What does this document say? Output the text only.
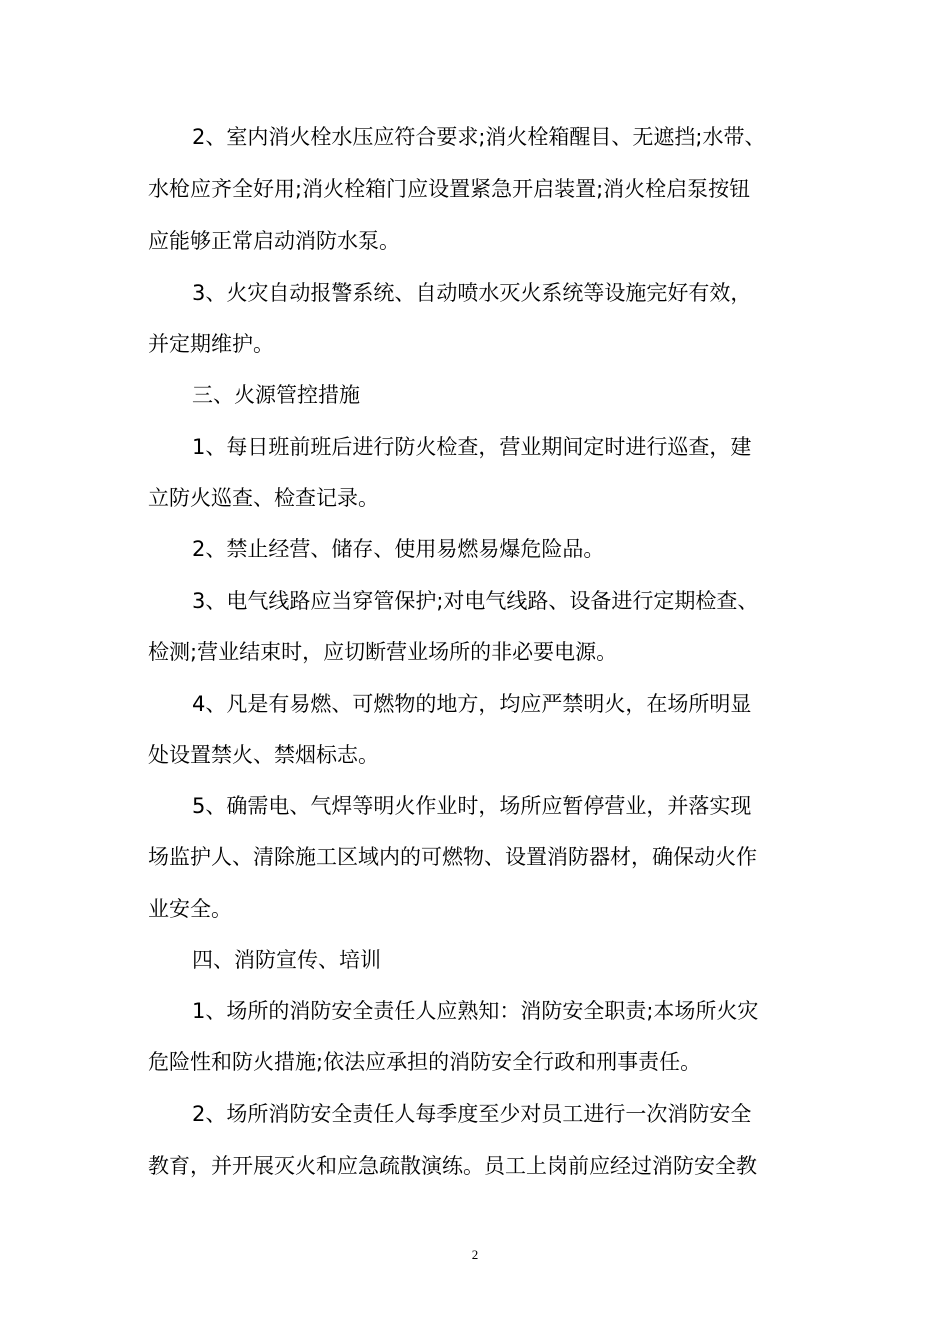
2、室内消火栓水压应符合要求;消火栓箱醒目、无遮挡;水带、

水枪应齐全好用;消火栓箱门应设置紧急开启装置;消火栓启泵按钮

应能够正常启动消防水泵。

3、火灾自动报警系统、自动喷水灭火系统等设施完好有效，

并定期维护。

三、火源管控措施

1、每日班前班后进行防火检查，营业期间定时进行巡查，建

立防火巡查、检查记录。

2、禁止经营、储存、使用易燃易爆危险品。

3、电气线路应当穿管保护;对电气线路、设备进行定期检查、

检测;营业结束时，应切断营业场所的非必要电源。

4、凡是有易燃、可燃物的地方，均应严禁明火，在场所明显

处设置禁火、禁烟标志。

5、确需电、气焊等明火作业时，场所应暂停营业，并落实现

场监护人、清除施工区域内的可燃物、设置消防器材，确保动火作

业安全。

四、消防宣传、培训

1、场所的消防安全责任人应熟知：消防安全职责;本场所火灾

危险性和防火措施;依法应承担的消防安全行政和刑事责任。

2、场所消防安全责任人每季度至少对员工进行一次消防安全

教育，并开展灭火和应急疏散演练。员工上岗前应经过消防安全教

2
